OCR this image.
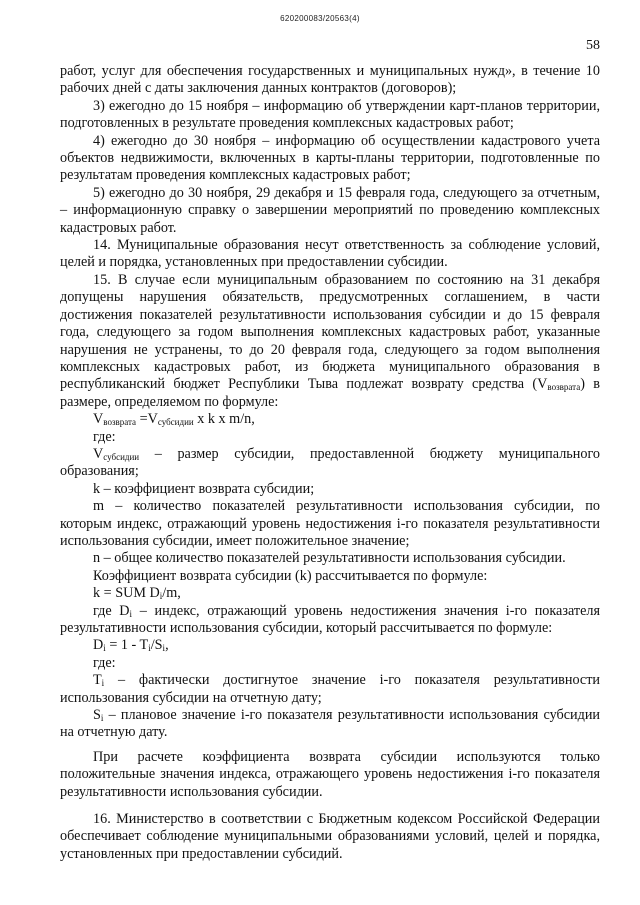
620200083/20563(4)
58

работ, услуг для обеспечения государственных и муниципальных нужд», в течение 10 рабочих дней с даты заключения данных контрактов (договоров);

3) ежегодно до 15 ноября – информацию об утверждении карт-планов территории, подготовленных в результате проведения комплексных кадастровых работ;

4) ежегодно до 30 ноября – информацию об осуществлении кадастрового учета объектов недвижимости, включенных в карты-планы территории, подготовленные по результатам проведения комплексных кадастровых работ;

5) ежегодно до 30 ноября, 29 декабря и 15 февраля года, следующего за отчетным, – информационную справку о завершении мероприятий по проведению комплексных кадастровых работ.

14. Муниципальные образования несут ответственность за соблюдение условий, целей и порядка, установленных при предоставлении субсидии.

15. В случае если муниципальным образованием по состоянию на 31 декабря допущены нарушения обязательств, предусмотренных соглашением, в части достижения показателей результативности использования субсидии и до 15 февраля года, следующего за годом выполнения комплексных кадастровых работ, указанные нарушения не устранены, то до 20 февраля года, следующего за годом выполнения комплексных кадастровых работ, из бюджета муниципального образования в республиканский бюджет Республики Тыва подлежат возврату средства $(V_{возврата})$ в размере, определяемом по формуле:

$V_{возврата} =V_{субсидии}$ x k x m/n,

где:

$V_{субсидии}$ – размер субсидии, предоставленной бюджету муниципального образования;

k – коэффициент возврата субсидии;

m – количество показателей результативности использования субсидии, по которым индекс, отражающий уровень недостижения i-го показателя результативности использования субсидии, имеет положительное значение;

n – общее количество показателей результативности использования субсидии.

Коэффициент возврата субсидии (k) рассчитывается по формуле:

k = SUM $D_i/m$,

где $D_i$ – индекс, отражающий уровень недостижения значения i-го показателя результативности использования субсидии, который рассчитывается по формуле:

$D_i = 1 - T_i/S_i$,

где:

$T_i$ – фактически достигнутое значение i-го показателя результативности использования субсидии на отчетную дату;

$S_i$ – плановое значение i-го показателя результативности использования субсидии на отчетную дату.

При расчете коэффициента возврата субсидии используются только положительные значения индекса, отражающего уровень недостижения i-го показателя результативности использования субсидии.

16. Министерство в соответствии с Бюджетным кодексом Российской Федерации обеспечивает соблюдение муниципальными образованиями условий, целей и порядка, установленных при предоставлении субсидий.
